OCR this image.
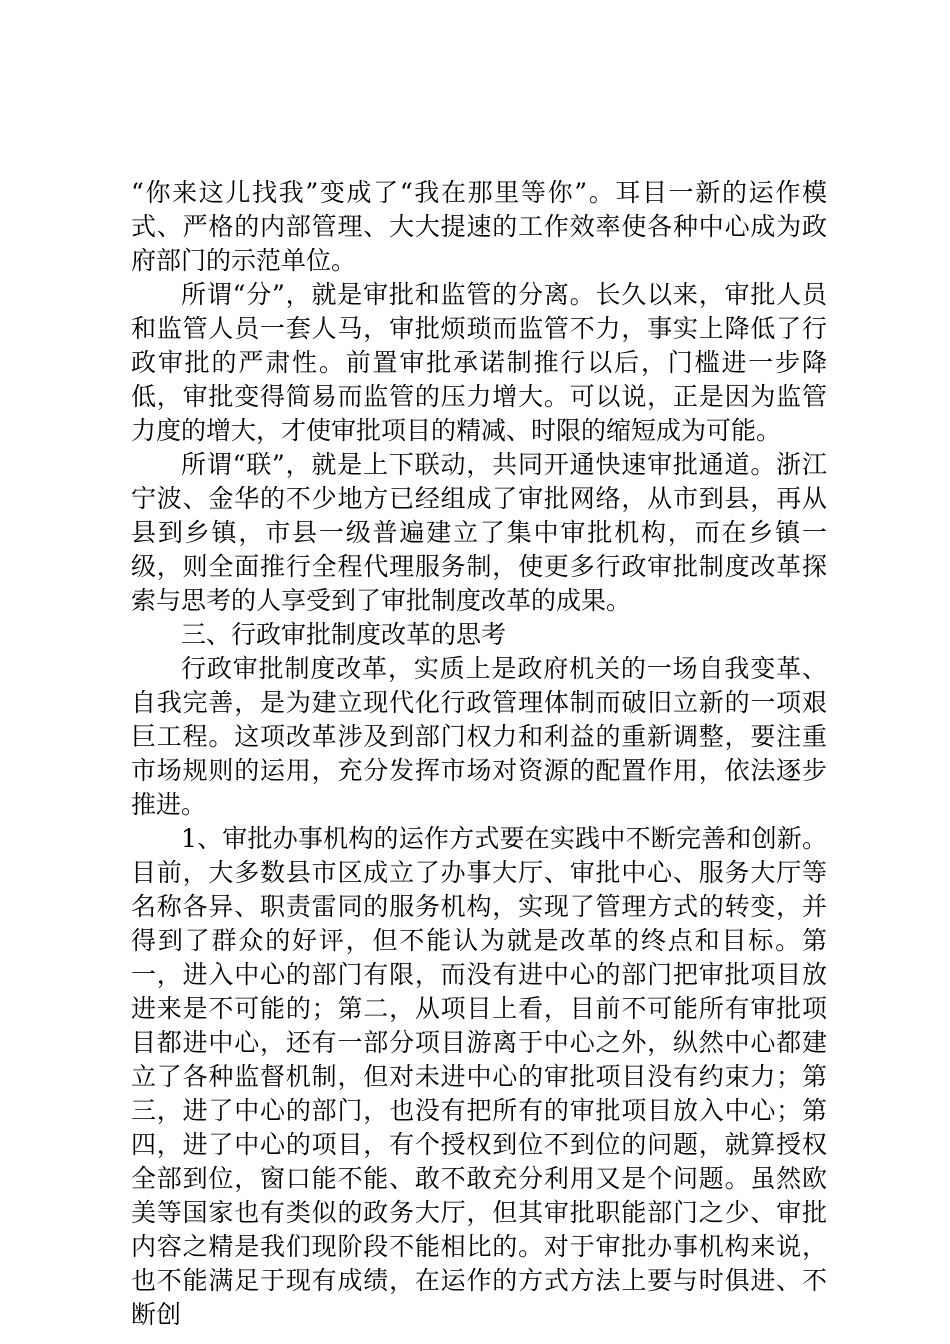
“你来这儿找我”变成了“我在那里等你”。耳目一新的运作模式、严格的内部管理、大大提速的工作效率使各种中心成为政府部门的示范单位。

所谓“分”，就是审批和监管的分离。长久以来，审批人员和监管人员一套人马，审批烦琐而监管不力，事实上降低了行政审批的严肃性。前置审批承诺制推行以后，门槛进一步降低，审批变得简易而监管的压力增大。可以说，正是因为监管力度的增大，才使审批项目的精减、时限的缩短成为可能。

所谓“联”，就是上下联动，共同开通快速审批通道。浙江宁波、金华的不少地方已经组成了审批网络，从市到县，再从县到乡镇，市县一级普遍建立了集中审批机构，而在乡镇一级，则全面推行全程代理服务制，使更多行政审批制度改革探索与思考的人享受到了审批制度改革的成果。

三、行政审批制度改革的思考

行政审批制度改革，实质上是政府机关的一场自我变革、自我完善，是为建立现代化行政管理体制而破旧立新的一项艰巨工程。这项改革涉及到部门权力和利益的重新调整，要注重市场规则的运用，充分发挥市场对资源的配置作用，依法逐步推进。

1、审批办事机构的运作方式要在实践中不断完善和创新。目前，大多数县市区成立了办事大厅、审批中心、服务大厅等名称各异、职责雷同的服务机构，实现了管理方式的转变，并得到了群众的好评，但不能认为就是改革的终点和目标。第一，进入中心的部门有限，而没有进中心的部门把审批项目放进来是不可能的；第二，从项目上看，目前不可能所有审批项目都进中心，还有一部分项目游离于中心之外，纵然中心都建立了各种监督机制，但对未进中心的审批项目没有约束力；第三，进了中心的部门，也没有把所有的审批项目放入中心；第四，进了中心的项目，有个授权到位不到位的问题，就算授权全部到位，窗口能不能、敢不敢充分利用又是个问题。虽然欧美等国家也有类似的政务大厅，但其审批职能部门之少、审批内容之精是我们现阶段不能相比的。对于审批办事机构来说，也不能满足于现有成绩，在运作的方式方法上要与时俱进、不断创
